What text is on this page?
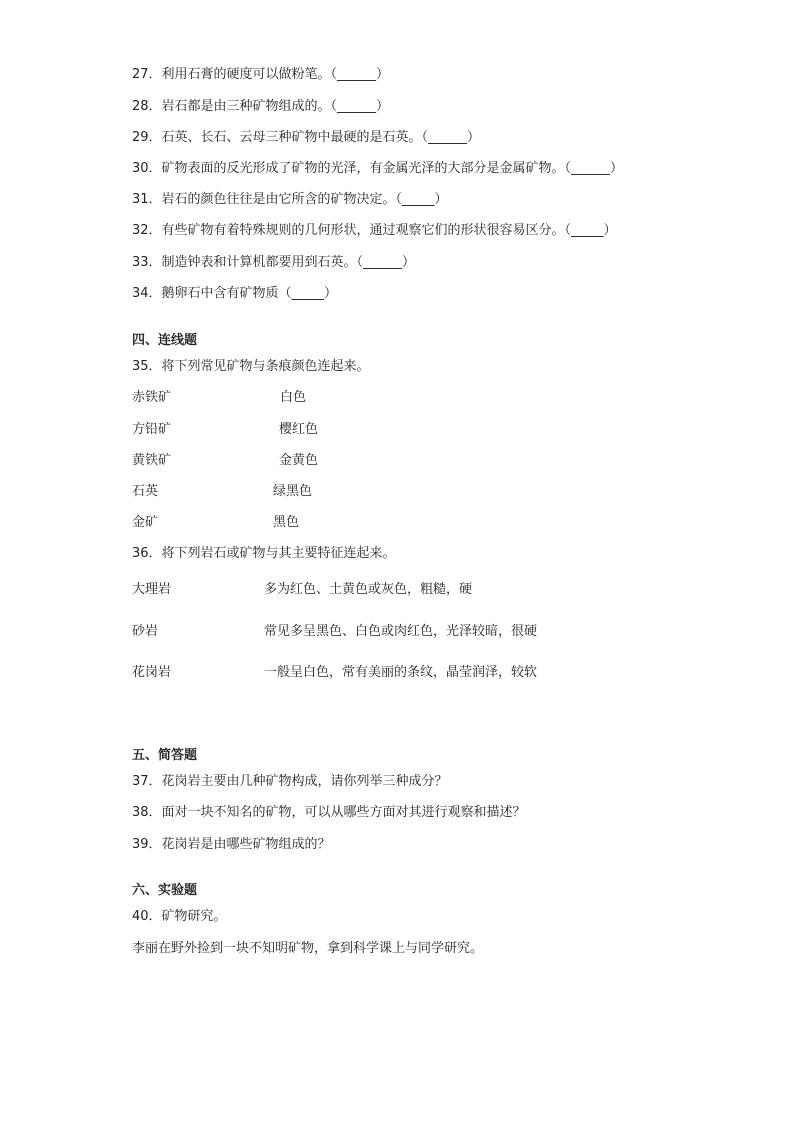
27．利用石膏的硬度可以做粉笔。（______）
28．岩石都是由三种矿物组成的。（______）
29．石英、长石、云母三种矿物中最硬的是石英。（______）
30．矿物表面的反光形成了矿物的光泽，有金属光泽的大部分是金属矿物。（______）
31．岩石的颜色往往是由它所含的矿物决定。（_____）
32．有些矿物有着特殊规则的几何形状，通过观察它们的形状很容易区分。（_____）
33．制造钟表和计算机都要用到石英。（______）
34．鹅卵石中含有矿物质（_____）
四、连线题
35．将下列常见矿物与条痕颜色连起来。
赤铁矿	白色
方铅矿	樱红色
黄铁矿	金黄色
石英	绿黑色
金矿	黑色
36．将下列岩石或矿物与其主要特征连起来。
大理岩	多为红色、土黄色或灰色，粗糙，硬
砂岩	常见多呈黑色、白色或肉红色，光泽较暗，很硬
花岗岩	一般呈白色，常有美丽的条纹，晶莹润泽，较软
五、简答题
37．花岗岩主要由几种矿物构成，请你列举三种成分？
38．面对一块不知名的矿物，可以从哪些方面对其进行观察和描述？
39．花岗岩是由哪些矿物组成的？
六、实验题
40．矿物研究。
李丽在野外捡到一块不知明矿物，拿到科学课上与同学研究。
